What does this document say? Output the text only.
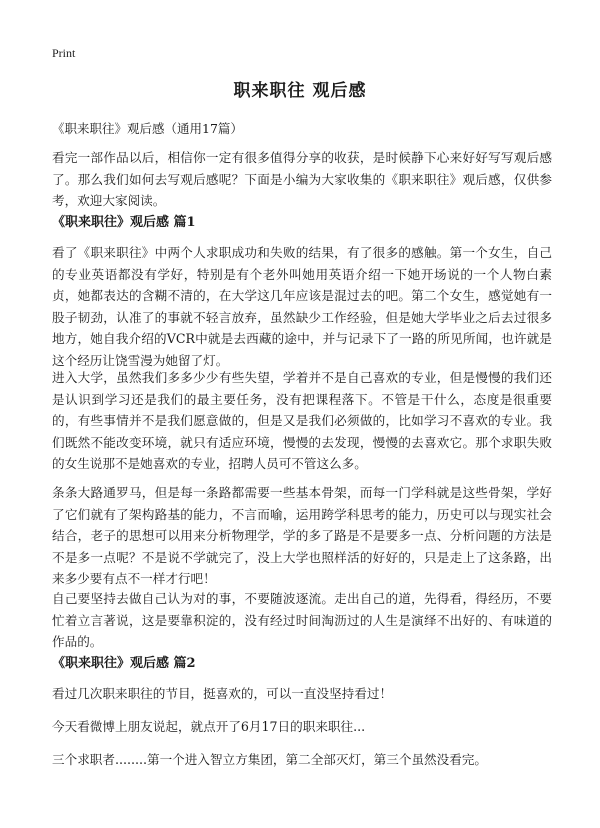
Print
职来职往 观后感
《职来职往》观后感（通用17篇）

看完一部作品以后，相信你一定有很多值得分享的收获，是时候静下心来好好写写观后感了。那么我们如何去写观后感呢？下面是小编为大家收集的《职来职往》观后感，仅供参考，欢迎大家阅读。

《职来职往》观后感 篇1

看了《职来职往》中两个人求职成功和失败的结果，有了很多的感触。第一个女生，自己的专业英语都没有学好，特别是有个老外叫她用英语介绍一下她开场说的一个人物白素贞，她都表达的含糊不清的，在大学这几年应该是混过去的吧。第二个女生，感觉她有一股子韧劲，认准了的事就不轻言放弃，虽然缺少工作经验，但是她大学毕业之后去过很多地方，她自我介绍的VCR中就是去西藏的途中，并与记录下了一路的所见所闻，也许就是这个经历让饶雪漫为她留了灯。

进入大学，虽然我们多多少少有些失望，学着并不是自己喜欢的专业，但是慢慢的我们还是认识到学习还是我们的最主要任务，没有把课程落下。不管是干什么，态度是很重要的，有些事情并不是我们愿意做的，但是又是我们必须做的，比如学习不喜欢的专业。我们既然不能改变环境，就只有适应环境，慢慢的去发现，慢慢的去喜欢它。那个求职失败的女生说那不是她喜欢的专业，招聘人员可不管这么多。

条条大路通罗马，但是每一条路都需要一些基本骨架，而每一门学科就是这些骨架，学好了它们就有了架构路基的能力，不言而喻，运用跨学科思考的能力，历史可以与现实社会结合，老子的思想可以用来分析物理学，学的多了路是不是要多一点、分析问题的方法是不是多一点呢？不是说不学就完了，没上大学也照样活的好好的，只是走上了这条路，出来多少要有点不一样才行吧！

自己要坚持去做自己认为对的事，不要随波逐流。走出自己的道，先得看，得经历，不要忙着立言著说，这是要靠积淀的，没有经过时间淘沥过的人生是演绎不出好的、有味道的作品的。

《职来职往》观后感 篇2
看过几次职来职往的节目，挺喜欢的，可以一直没坚持看过！
今天看微博上朋友说起，就点开了6月17日的职来职往...
三个求职者........第一个进入智立方集团，第二全部灭灯，第三个虽然没看完。
